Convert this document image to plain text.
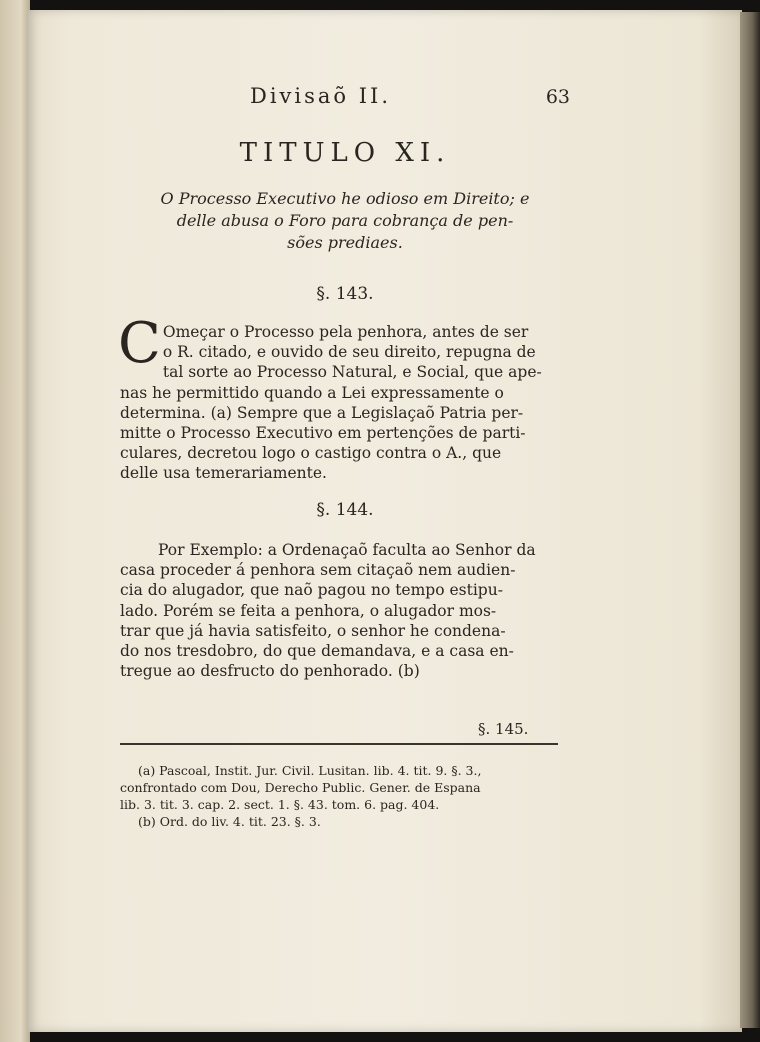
Divisaõ II.	63
TITULO XI.
O Processo Executivo he odioso em Direito; e
delle abusa o Foro para cobrança de pen-
sões prediaes.
§. 143.
C Omeçar o Processo pela penhora, antes de ser
o R. citado, e ouvido de seu direito, repugna de
tal sorte ao Processo Natural, e Social, que ape-
nas he permittido quando a Lei expressamente o
determina. (a) Sempre que a Legislaçaõ Patria per-
mitte o Processo Executivo em pertenções de parti-
culares, decretou logo o castigo contra o A., que
delle usa temerariamente.
§. 144.
Por Exemplo: a Ordenaçaõ faculta ao Senhor da
casa proceder á penhora sem citaçaõ nem audien-
cia do alugador, que naõ pagou no tempo estipu-
lado. Porém se feita a penhora, o alugador mos-
trar que já havia satisfeito, o senhor he condena-
do nos tresdobro, do que demandava, e a casa en-
tregue ao desfructo do penhorado. (b)
§. 145.
(a) Pascoal, Instit. Jur. Civil. Lusitan. lib. 4. tit. 9. §. 3.,
confrontado com Dou, Derecho Public. Gener. de Espana
lib. 3. tit. 3. cap. 2. sect. 1. §. 43. tom. 6. pag. 404.
(b) Ord. do liv. 4. tit. 23. §. 3.
